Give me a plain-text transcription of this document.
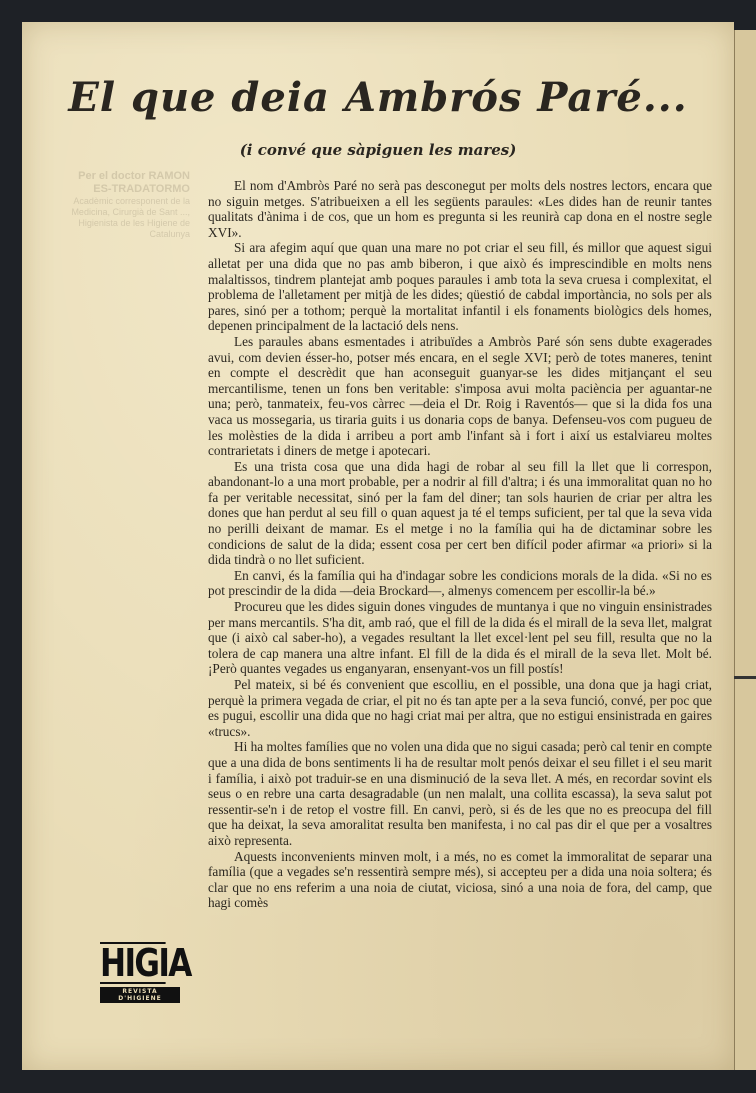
El que deia Ambrós Paré...
(i convé que sàpiguen les mares)
Per el doctor RAMON ES-TRADATORMO
Acadèmic corresponent de la Medicina, Cirurgià de Sant ..., Higienista de les Higiene de Catalunya

El nom d'Ambròs Paré no serà pas desconegut per molts dels nostres lectors, encara que no siguin metges. S'atribueixen a ell les següents paraules: «Les dides han de reunir tantes qualitats d'ànima i de cos, que un hom es pregunta si les reunirà cap dona en el nostre segle XVI».

Si ara afegim aquí que quan una mare no pot criar el seu fill, és millor que aquest sigui alletat per una dida que no pas amb biberon, i que això és imprescindible en molts nens malaltissos, tindrem plantejat amb poques paraules i amb tota la seva cruesa i complexitat, el problema de l'alletament per mitjà de les dides; qüestió de cabdal importància, no sols per als pares, sinó per a tothom; perquè la mortalitat infantil i els fonaments biològics dels homes, depenen principalment de la lactació dels nens.

Les paraules abans esmentades i atribuïdes a Ambròs Paré són sens dubte exagerades avui, com devien ésser-ho, potser més encara, en el segle XVI; però de totes maneres, tenint en compte el descrèdit que han aconseguit guanyar-se les dides mitjançant el seu mercantilisme, tenen un fons ben veritable: s'imposa avui molta paciència per aguantar-ne una; però, tanmateix, feu-vos càrrec —deia el Dr. Roig i Raventós— que si la dida fos una vaca us mossegaria, us tiraria guits i us donaria cops de banya. Defenseu-vos com pugueu de les molèsties de la dida i arribeu a port amb l'infant sà i fort i així us estalviareu moltes contrarietats i diners de metge i apotecari.

Es una trista cosa que una dida hagi de robar al seu fill la llet que li correspon, abandonant-lo a una mort probable, per a nodrir al fill d'altra; i és una immoralitat quan no ho fa per veritable necessitat, sinó per la fam del diner; tan sols haurien de criar per altra les dones que han perdut al seu fill o quan aquest ja té el temps suficient, per tal que la seva vida no perilli deixant de mamar. Es el metge i no la família qui ha de dictaminar sobre les condicions de salut de la dida; essent cosa per cert ben difícil poder afirmar «a priori» si la dida tindrà o no llet suficient.

En canvi, és la família qui ha d'indagar sobre les condicions morals de la dida. «Si no es pot prescindir de la dida —deia Brockard—, almenys comencem per escollir-la bé.»

Procureu que les dides siguin dones vingudes de muntanya i que no vinguin ensinistrades per mans mercantils. S'ha dit, amb raó, que el fill de la dida és el mirall de la seva llet, malgrat que (i això cal saber-ho), a vegades resultant la llet excel·lent pel seu fill, resulta que no la tolera de cap manera una altre infant. El fill de la dida és el mirall de la seva llet. Molt bé. ¡Però quantes vegades us enganyaran, ensenyant-vos un fill postís!

Pel mateix, si bé és convenient que escolliu, en el possible, una dona que ja hagi criat, perquè la primera vegada de criar, el pit no és tan apte per a la seva funció, convé, per poc que es pugui, escollir una dida que no hagi criat mai per altra, que no estigui ensinistrada en gaires «trucs».

Hi ha moltes famílies que no volen una dida que no sigui casada; però cal tenir en compte que a una dida de bons sentiments li ha de resultar molt penós deixar el seu fillet i el seu marit i família, i això pot traduir-se en una disminució de la seva llet. A més, en recordar sovint els seus o en rebre una carta desagradable (un nen malalt, una collita escassa), la seva salut pot ressentir-se'n i de retop el vostre fill. En canvi, però, si és de les que no es preocupa del fill que ha deixat, la seva amoralitat resulta ben manifesta, i no cal pas dir el que per a vosaltres això representa.

Aquests inconvenients minven molt, i a més, no es comet la immoralitat de separar una família (que a vegades se'n ressentirà sempre més), si accepteu per a dida una noia soltera; és clar que no ens referim a una noia de ciutat, viciosa, sinó a una noia de fora, del camp, que hagi comès

HIGIA
REVISTA D'HIGIENE
